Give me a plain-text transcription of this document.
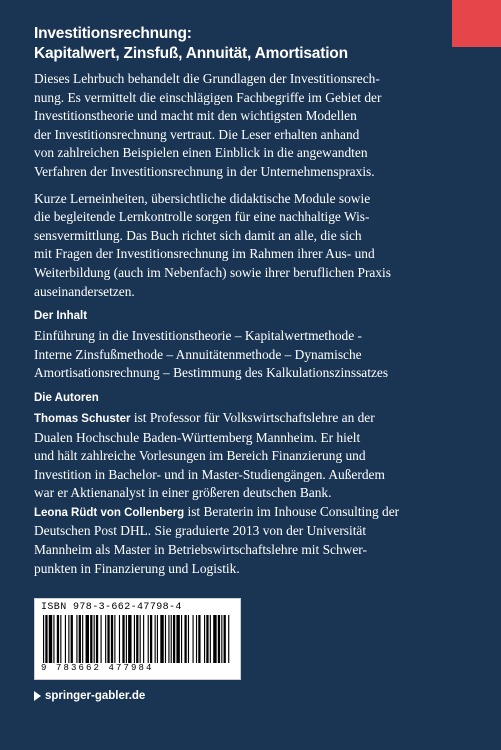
Investitionsrechnung:
Kapitalwert, Zinsfuß, Annuität, Amortisation
Dieses Lehrbuch behandelt die Grundlagen der Investitionsrech-
nung. Es vermittelt die einschlägigen Fachbegriffe im Gebiet der
Investitionstheorie und macht mit den wichtigsten Modellen
der Investitionsrechnung vertraut. Die Leser erhalten anhand
von zahlreichen Beispielen einen Einblick in die angewandten
Verfahren der Investitionsrechnung in der Unternehmenspraxis.
Kurze Lerneinheiten, übersichtliche didaktische Module sowie
die begleitende Lernkontrolle sorgen für eine nachhaltige Wis-
sensvermittlung. Das Buch richtet sich damit an alle, die sich
mit Fragen der Investitionsrechnung im Rahmen ihrer Aus- und
Weiterbildung (auch im Nebenfach) sowie ihrer beruflichen Praxis
auseinandersetzen.
Der Inhalt
Einführung in die Investitionstheorie – Kapitalwertmethode -
Interne Zinsfußmethode – Annuitätenmethode – Dynamische
Amortisationsrechnung – Bestimmung des Kalkulationszinssatzes
Die Autoren
Thomas Schuster ist Professor für Volkswirtschaftslehre an der
Dualen Hochschule Baden-Württemberg Mannheim. Er hielt
und hält zahlreiche Vorlesungen im Bereich Finanzierung und
Investition in Bachelor- und in Master-Studiengängen. Außerdem
war er Aktienanalyst in einer größeren deutschen Bank.
Leona Rüdt von Collenberg ist Beraterin im Inhouse Consulting der
Deutschen Post DHL. Sie graduierte 2013 von der Universität
Mannheim als Master in Betriebswirtschaftslehre mit Schwer-
punkten in Finanzierung und Logistik.
ISBN 978-3-662-47798-4
9 783662 477984
springer-gabler.de
